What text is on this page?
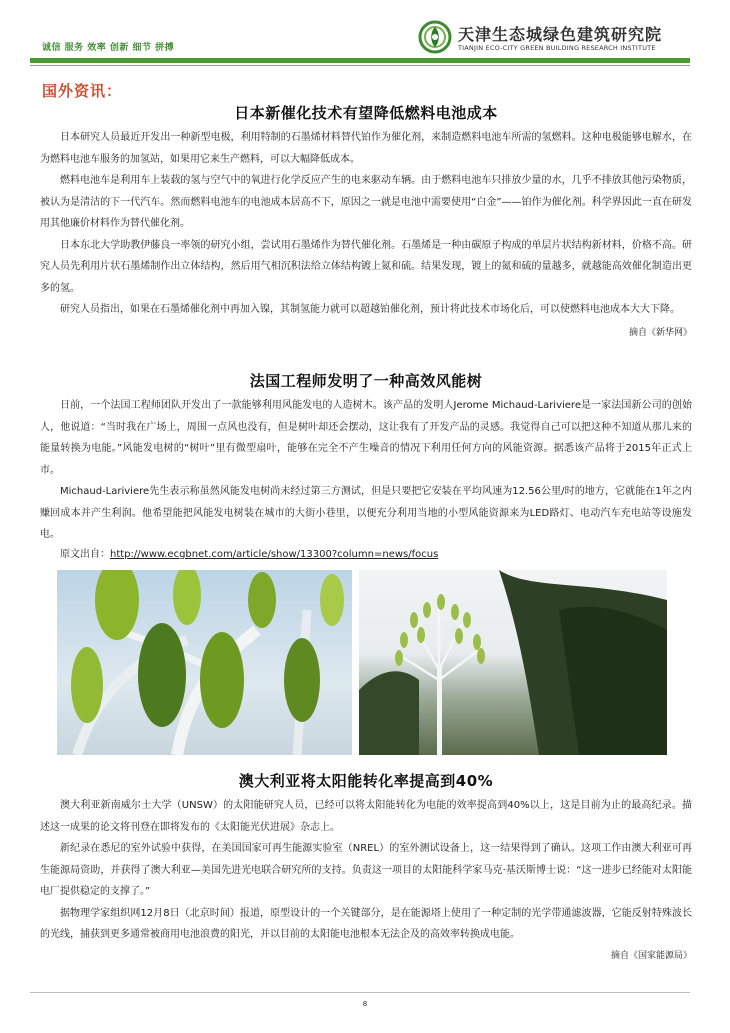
诚信 服务 效率 创新 细节 拼搏
天津生态城绿色建筑研究院
TIANJIN ECO-CITY GREEN BUILDING RESEARCH INSTITUTE
国外资讯：
日本新催化技术有望降低燃料电池成本

日本研究人员最近开发出一种新型电极，利用特制的石墨烯材料替代铂作为催化剂，来制造燃料电池车所需的氢燃料。这种电极能够电解水，在为燃料电池车服务的加氢站，如果用它来生产燃料，可以大幅降低成本。

燃料电池车是利用车上装载的氢与空气中的氧进行化学反应产生的电来驱动车辆。由于燃料电池车只排放少量的水，几乎不排放其他污染物质，被认为是清洁的下一代汽车。然而燃料电池车的电池成本居高不下，原因之一就是电池中需要使用“白金”——铂作为催化剂。科学界因此一直在研发用其他廉价材料作为替代催化剂。

日本东北大学助教伊藤良一率领的研究小组，尝试用石墨烯作为替代催化剂。石墨烯是一种由碳原子构成的单层片状结构新材料，价格不高。研究人员先利用片状石墨烯制作出立体结构，然后用气相沉积法给立体结构镀上氮和硫。结果发现，镀上的氮和硫的量越多，就越能高效催化制造出更多的氢。

研究人员指出，如果在石墨烯催化剂中再加入镍，其制氢能力就可以超越铂催化剂，预计将此技术市场化后，可以使燃料电池成本大大下降。

摘自《新华网》
法国工程师发明了一种高效风能树

日前，一个法国工程师团队开发出了一款能够利用风能发电的人造树木。该产品的发明人Jerome Michaud-Lariviere是一家法国新公司的创始人，他说道：“当时我在广场上，周围一点风也没有，但是树叶却还会摆动，这让我有了开发产品的灵感。我觉得自己可以把这种不知道从那儿来的能量转换为电能。”风能发电树的“树叶”里有微型扇叶，能够在完全不产生噪音的情况下利用任何方向的风能资源。据悉该产品将于2015年正式上市。

Michaud-Lariviere先生表示称虽然风能发电树尚未经过第三方测试，但是只要把它安装在平均风速为12.56公里/时的地方，它就能在1年之内赚回成本并产生利润。他希望能把风能发电树装在城市的大街小巷里，以便充分利用当地的小型风能资源来为LED路灯、电动汽车充电站等设施发电。

原文出自：http://www.ecgbnet.com/article/show/13300?column=news/focus
澳大利亚将太阳能转化率提高到40%

澳大利亚新南威尔士大学（UNSW）的太阳能研究人员，已经可以将太阳能转化为电能的效率提高到40%以上，这是目前为止的最高纪录。描述这一成果的论文将刊登在即将发布的《太阳能光伏进展》杂志上。

新纪录在悉尼的室外试验中获得，在美国国家可再生能源实验室（NREL）的室外测试设备上，这一结果得到了确认。这项工作由澳大利亚可再生能源局资助，并获得了澳大利亚—美国先进光电联合研究所的支持。负责这一项目的太阳能科学家马克·基沃斯博士说：“这一进步已经能对太阳能电厂提供稳定的支撑了。”

据物理学家组织网12月8日（北京时间）报道，原型设计的一个关键部分，是在能源塔上使用了一种定制的光学带通滤波器，它能反射特殊波长的光线，捕获到更多通常被商用电池浪费的阳光，并以目前的太阳能电池根本无法企及的高效率转换成电能。

摘自《国家能源局》
8
